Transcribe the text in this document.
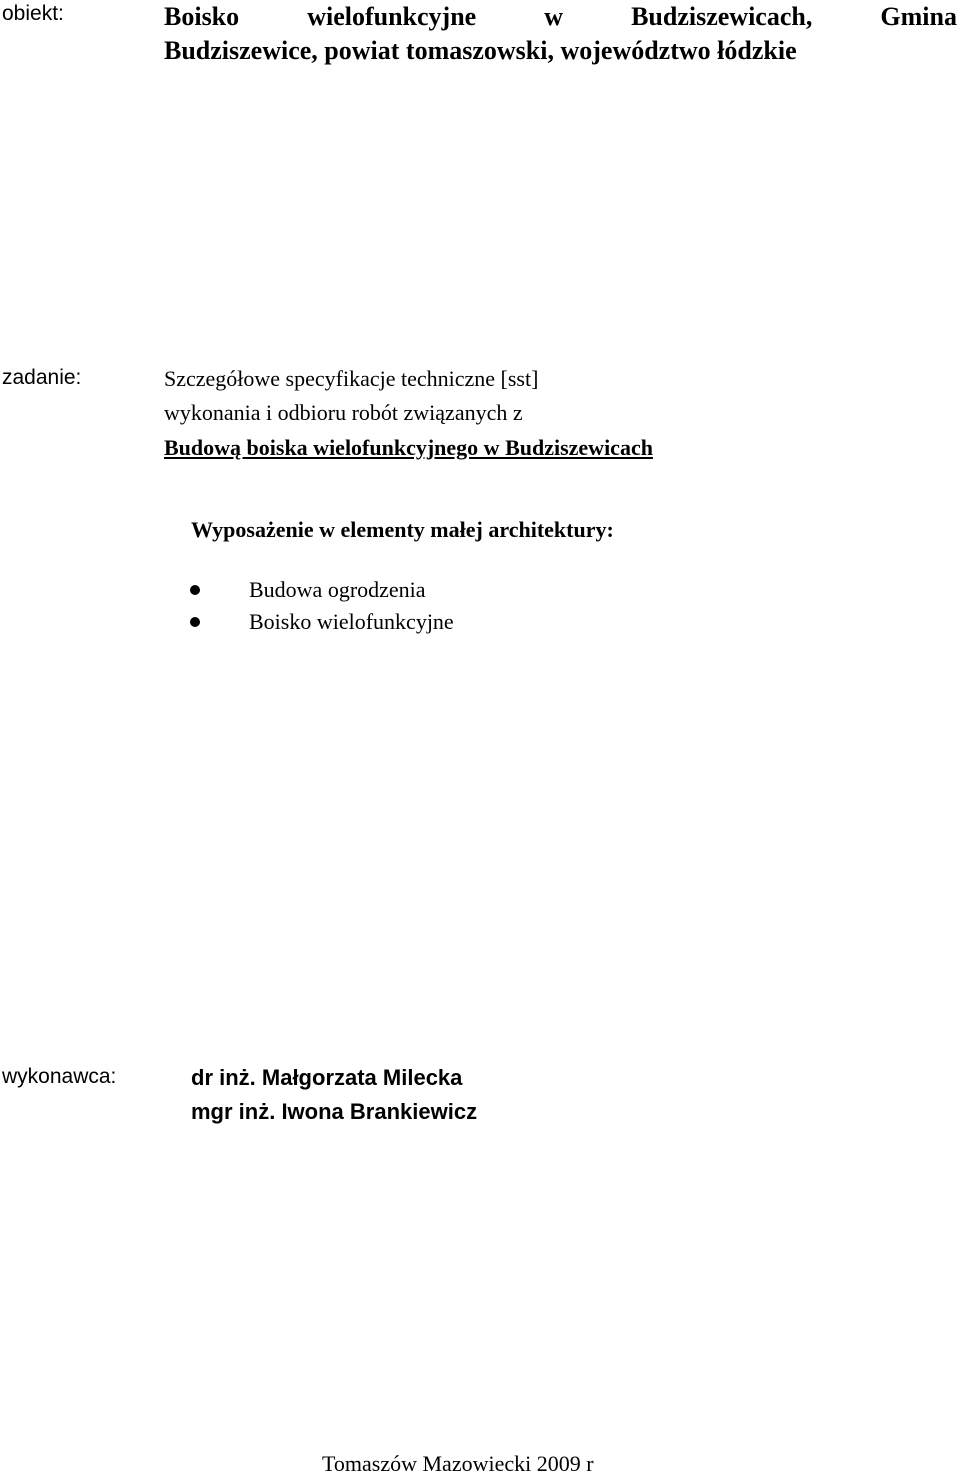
obiekt:	Boisko	wielofunkcyjne	w	Budziszewicach,	Gmina
Budziszewice, powiat tomaszowski, województwo łódzkie
zadanie:	Szczegółowe specyfikacje techniczne [sst]
wykonania i odbioru robót związanych z
Budową boiska wielofunkcyjnego w Budziszewicach
Wyposażenie w elementy małej architektury:
Budowa ogrodzenia
Boisko wielofunkcyjne
wykonawca:	dr inż. Małgorzata Milecka
mgr inż. Iwona Brankiewicz
Tomaszów Mazowiecki 2009 r
